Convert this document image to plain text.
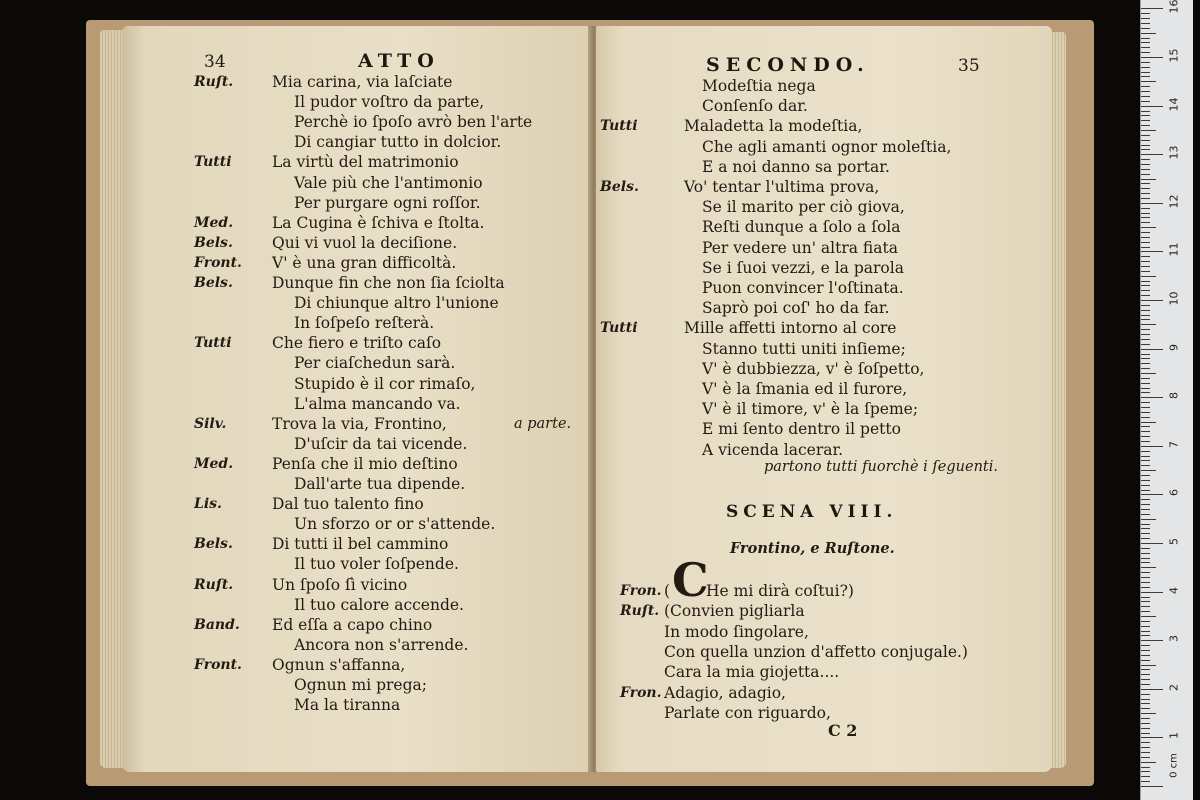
34	ATTO
Ruſt.	Mia carina, via laſciate
Il pudor voſtro da parte,
Perchè io ſpoſo avrò ben l'arte
Di cangiar tutto in dolcior.
Tutti	La virtù del matrimonio
Vale più che l'antimonio
Per purgare ogni roſſor.
Med.	La Cugina è ſchiva e ſtolta.
Bels.	Qui vi vuol la deciſione.
Front. V' è una gran difficoltà.
Bels.	Dunque fin che non ſia ſciolta
Di chiunque altro l'unione
In ſoſpeſo reſterà.
Tutti	Che fiero e triſto caſo
Per ciaſchedun sarà.
Stupido è il cor rimaſo,
L'alma mancando va.
Silv.	Trova la via, Frontino,	a parte.
D'uſcir da tai vicende.
Med.	Penſa che il mio deſtino
Dall'arte tua dipende.
Lis.	Dal tuo talento fino
Un sforzo or or s'attende.
Bels.	Di tutti il bel cammino
Il tuo voler ſoſpende.
Ruſt.	Un ſpoſo ſì vicino
Il tuo calore accende.
Band. Ed eſſa a capo chino
Ancora non s'arrende.
Front. Ognun s'affanna,
Ognun mi prega;
Ma la tiranna
SECONDO.	35
Modeſtia nega
Conſenſo dar.
Tutti	Maladetta la modeſtia,
Che agli amanti ognor moleſtia,
E a noi danno sa portar.
Bels.	Vo' tentar l'ultima prova,
Se il marito per ciò giova,
Reſti dunque a ſolo a ſola
Per vedere un' altra fiata
Se i ſuoi vezzi, e la parola
Puon convincer l'oſtinata.
Saprò poi coſ' ho da far.
Tutti	Mille affetti intorno al core
Stanno tutti uniti inſieme;
V' è dubbiezza, v' è ſoſpetto,
V' è la ſmania ed il furore,
V' è il timore, v' è la ſpeme;
E mi ſento dentro il petto
A vicenda lacerar.
partono tutti fuorchè i ſeguenti.
SCENA VIII.
Frontino, e Ruſtone.
Fron. ( C
He mi dirà coſtui?)
Ruſt. (Convien pigliarla
In modo ſingolare,
Con quella unzion d'affetto conjugale.)
Cara la mia giojetta....
Fron. Adagio, adagio,
Parlate con riguardo,
C 2
0 cm
1
2
3
4
5
6
7
8
9
10
11
12
13
14
15
16
